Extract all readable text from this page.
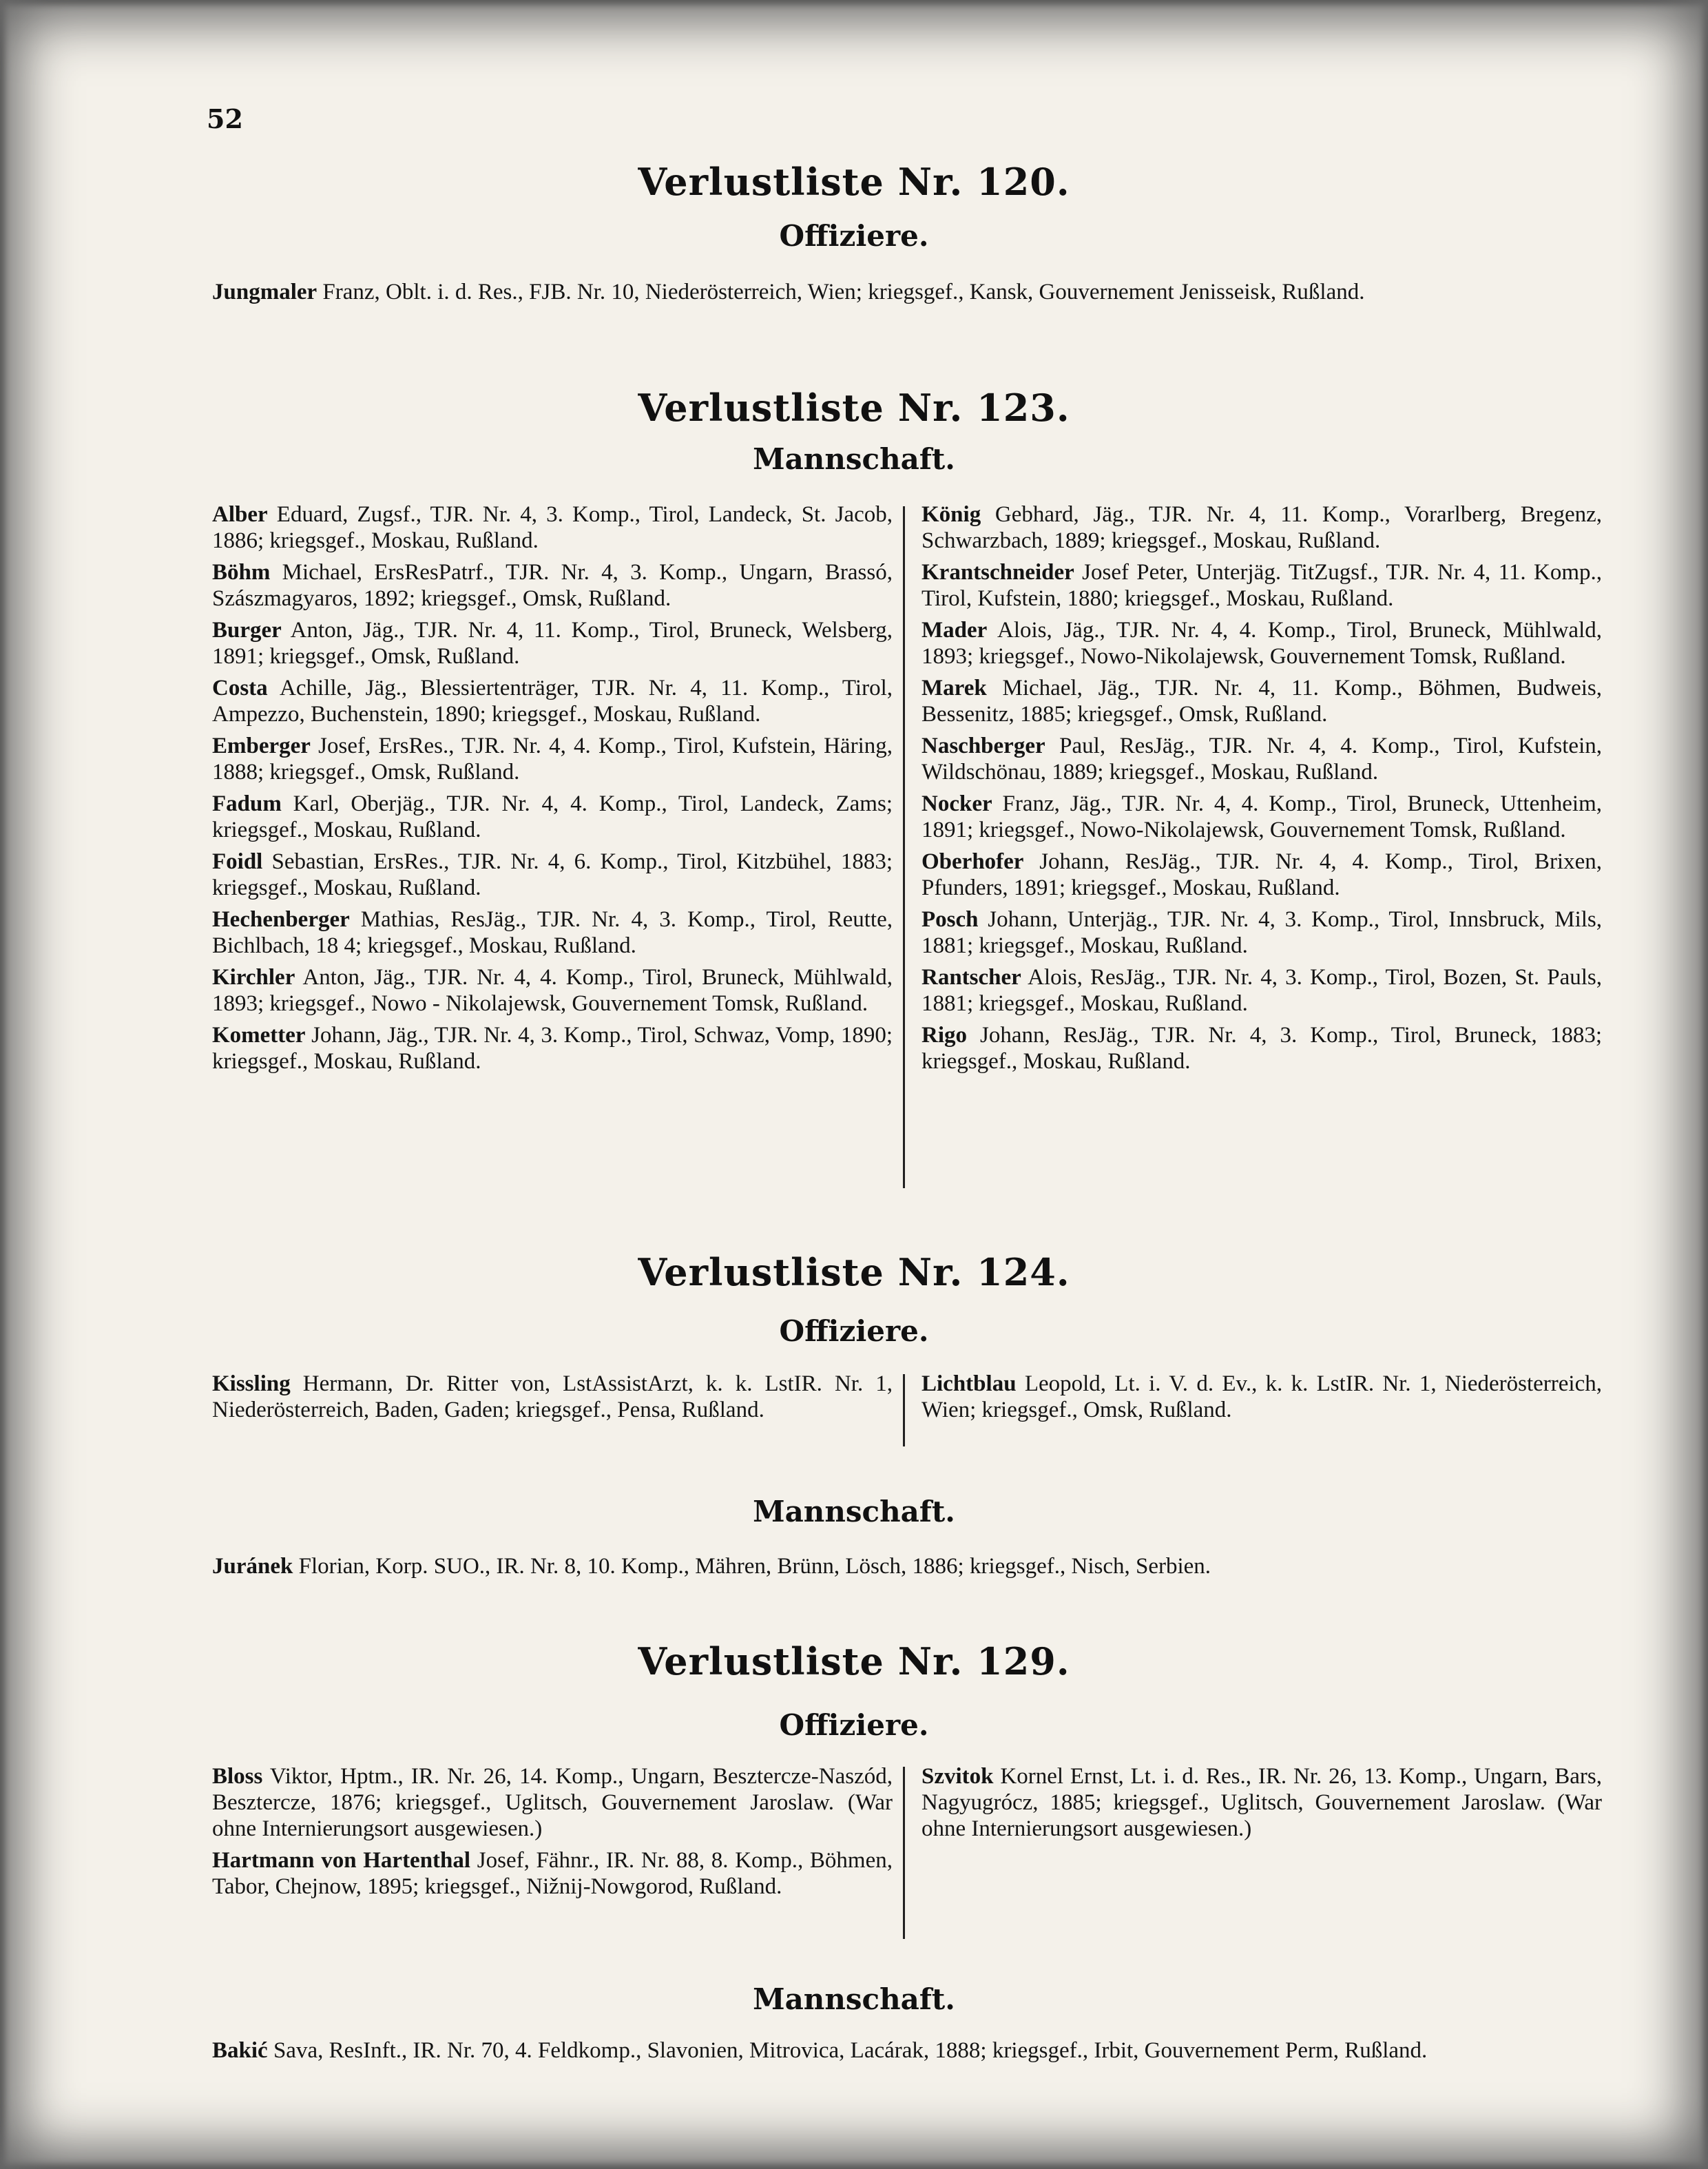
52
Verlustliste Nr. 120.
Offiziere.
Jungmaler Franz, Oblt. i. d. Res., FJB. Nr. 10, Niederösterreich, Wien; kriegsgef., Kansk, Gouvernement Jenisseisk, Rußland.
Verlustliste Nr. 123.
Mannschaft.
Alber Eduard, Zugsf., TJR. Nr. 4, 3. Komp., Tirol, Landeck, St. Jacob, 1886; kriegsgef., Moskau, Rußland.
Böhm Michael, ErsResPatrf., TJR. Nr. 4, 3. Komp., Ungarn, Brassó, Szászmagyaros, 1892; kriegsgef., Omsk, Rußland.
Burger Anton, Jäg., TJR. Nr. 4, 11. Komp., Tirol, Bruneck, Welsberg, 1891; kriegsgef., Omsk, Rußland.
Costa Achille, Jäg., Blessiertenträger, TJR. Nr. 4, 11. Komp., Tirol, Ampezzo, Buchenstein, 1890; kriegsgef., Moskau, Rußland.
Emberger Josef, ErsRes., TJR. Nr. 4, 4. Komp., Tirol, Kufstein, Häring, 1888; kriegsgef., Omsk, Rußland.
Fadum Karl, Oberjäg., TJR. Nr. 4, 4. Komp., Tirol, Landeck, Zams; kriegsgef., Moskau, Rußland.
Foidl Sebastian, ErsRes., TJR. Nr. 4, 6. Komp., Tirol, Kitzbühel, 1883; kriegsgef., Moskau, Rußland.
Hechenberger Mathias, ResJäg., TJR. Nr. 4, 3. Komp., Tirol, Reutte, Bichlbach, 18 4; kriegsgef., Moskau, Rußland.
Kirchler Anton, Jäg., TJR. Nr. 4, 4. Komp., Tirol, Bruneck, Mühlwald, 1893; kriegsgef., Nowo - Nikolajewsk, Gouvernement Tomsk, Rußland.
Kometter Johann, Jäg., TJR. Nr. 4, 3. Komp., Tirol, Schwaz, Vomp, 1890; kriegsgef., Moskau, Rußland.
König Gebhard, Jäg., TJR. Nr. 4, 11. Komp., Vorarlberg, Bregenz, Schwarzbach, 1889; kriegsgef., Moskau, Rußland.
Krantschneider Josef Peter, Unterjäg. TitZugsf., TJR. Nr. 4, 11. Komp., Tirol, Kufstein, 1880; kriegsgef., Moskau, Rußland.
Mader Alois, Jäg., TJR. Nr. 4, 4. Komp., Tirol, Bruneck, Mühlwald, 1893; kriegsgef., Nowo-Nikolajewsk, Gouvernement Tomsk, Rußland.
Marek Michael, Jäg., TJR. Nr. 4, 11. Komp., Böhmen, Budweis, Bessenitz, 1885; kriegsgef., Omsk, Rußland.
Naschberger Paul, ResJäg., TJR. Nr. 4, 4. Komp., Tirol, Kufstein, Wildschönau, 1889; kriegsgef., Moskau, Rußland.
Nocker Franz, Jäg., TJR. Nr. 4, 4. Komp., Tirol, Bruneck, Uttenheim, 1891; kriegsgef., Nowo-Nikolajewsk, Gouvernement Tomsk, Rußland.
Oberhofer Johann, ResJäg., TJR. Nr. 4, 4. Komp., Tirol, Brixen, Pfunders, 1891; kriegsgef., Moskau, Rußland.
Posch Johann, Unterjäg., TJR. Nr. 4, 3. Komp., Tirol, Innsbruck, Mils, 1881; kriegsgef., Moskau, Rußland.
Rantscher Alois, ResJäg., TJR. Nr. 4, 3. Komp., Tirol, Bozen, St. Pauls, 1881; kriegsgef., Moskau, Rußland.
Rigo Johann, ResJäg., TJR. Nr. 4, 3. Komp., Tirol, Bruneck, 1883; kriegsgef., Moskau, Rußland.
Verlustliste Nr. 124.
Offiziere.
Kissling Hermann, Dr. Ritter von, LstAssistArzt, k. k. LstIR. Nr. 1, Niederösterreich, Baden, Gaden; kriegsgef., Pensa, Rußland.
Lichtblau Leopold, Lt. i. V. d. Ev., k. k. LstIR. Nr. 1, Niederösterreich, Wien; kriegsgef., Omsk, Rußland.
Mannschaft.
Juránek Florian, Korp. SUO., IR. Nr. 8, 10. Komp., Mähren, Brünn, Lösch, 1886; kriegsgef., Nisch, Serbien.
Verlustliste Nr. 129.
Offiziere.
Bloss Viktor, Hptm., IR. Nr. 26, 14. Komp., Ungarn, Besztercze-Naszód, Besztercze, 1876; kriegsgef., Uglitsch, Gouvernement Jaroslaw. (War ohne Internierungsort ausgewiesen.)
Hartmann von Hartenthal Josef, Fähnr., IR. Nr. 88, 8. Komp., Böhmen, Tabor, Chejnow, 1895; kriegsgef., Nižnij-Nowgorod, Rußland.
Szvitok Kornel Ernst, Lt. i. d. Res., IR. Nr. 26, 13. Komp., Ungarn, Bars, Nagyugrócz, 1885; kriegsgef., Uglitsch, Gouvernement Jaroslaw. (War ohne Internierungsort ausgewiesen.)
Mannschaft.
Bakić Sava, ResInft., IR. Nr. 70, 4. Feldkomp., Slavonien, Mitrovica, Lacárak, 1888; kriegsgef., Irbit, Gouvernement Perm, Rußland.
